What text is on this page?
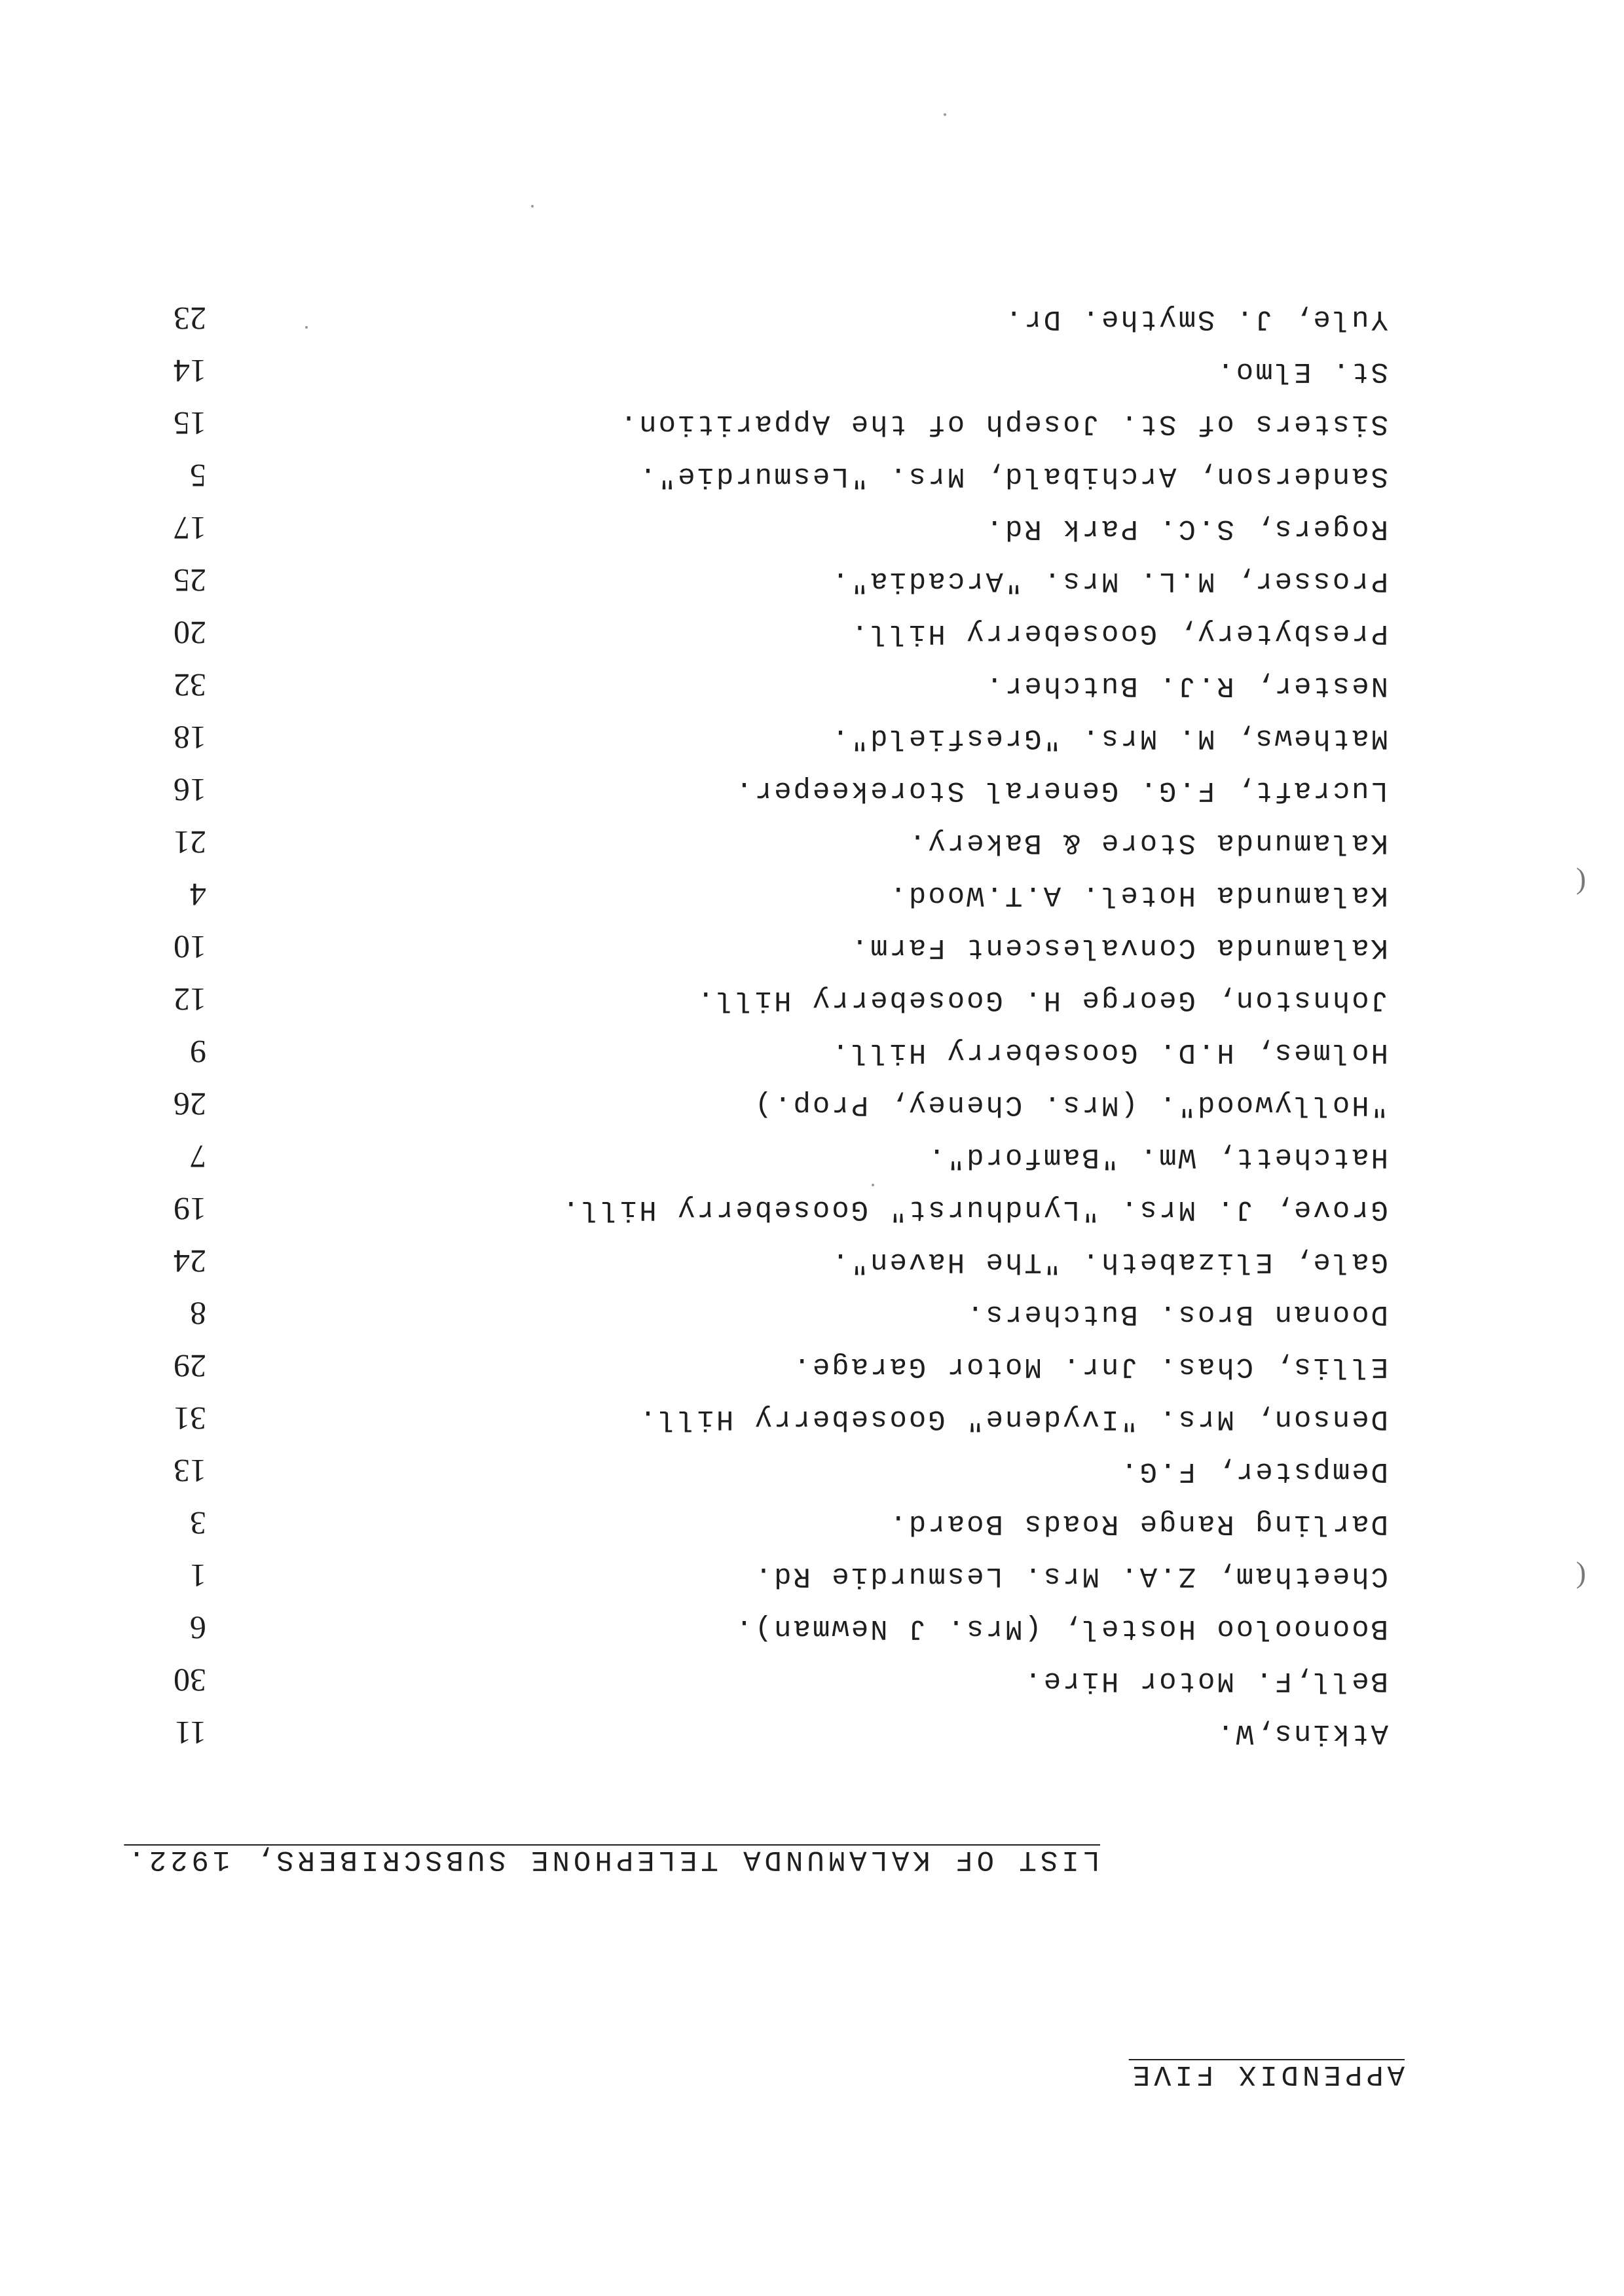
APPENDIX FIVE
LIST OF KALAMUNDA TELEPHONE SUBSCRIBERS, 1922.
Atkins,W.
11
Bell,F. Motor Hire.
30
Boonooloo Hostel, (Mrs. J Newman).
6
Cheetham, Z.A. Mrs. Lesmurdie Rd.
1
Darling Range Roads Board.
3
Dempster, F.G.
13
Denson, Mrs. "Ivydene" Gooseberry Hill.
31
Ellis, Chas. Jnr. Motor Garage.
29
Doonan Bros. Butchers.
8
Gale, Elizabeth. "The Haven".
24
Grove, J. Mrs. "Lyndhurst" Gooseberry Hill.
19
Hatchett, Wm. "Bamford".
7
"Hollywood". (Mrs. Cheney, Prop.)
26
Holmes, H.D. Gooseberry Hill.
9
Johnston, George H. Gooseberry Hill.
12
Kalamunda Convalescent Farm.
10
Kalamunda Hotel. A.T.Wood.
4
Kalamunda Store & Bakery.
21
Lucraft, F.G. General Storekeeper.
16
Mathews, M. Mrs. "Gresfield".
18
Nester, R.J. Butcher.
32
Presbytery, Gooseberry Hill.
20
Prosser, M.L. Mrs. "Arcadia".
25
Rogers, S.C. Park Rd.
17
Sanderson, Archibald, Mrs. "Lesmurdie".
5
Sisters of St. Joseph of the Apparition.
15
St. Elmo.
14
Yule, J. Smythe. Dr.
23
(
(
